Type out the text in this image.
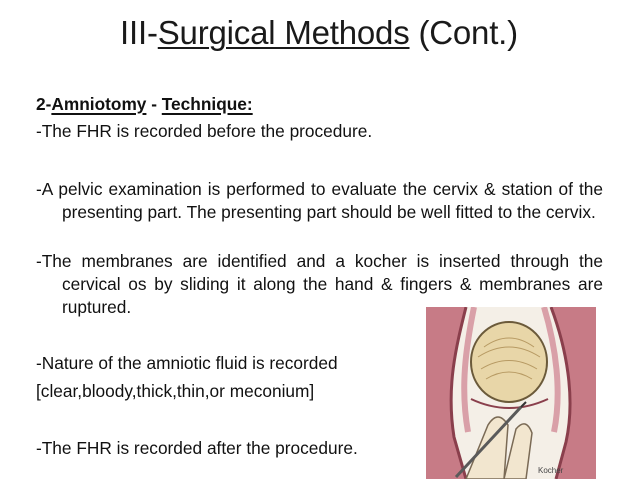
III-Surgical Methods (Cont.)
2-Amniotomy - Technique:
-The FHR is recorded before the procedure.
-A pelvic examination is performed to evaluate the cervix & station of the presenting part. The presenting part should be well fitted to the cervix.
-The membranes are identified and a kocher is inserted through the cervical os by sliding it along the hand & fingers & membranes are ruptured.
-Nature of the amniotic fluid is recorded
[clear,bloody,thick,thin,or meconium]
-The FHR is recorded after the procedure.
Kocher
